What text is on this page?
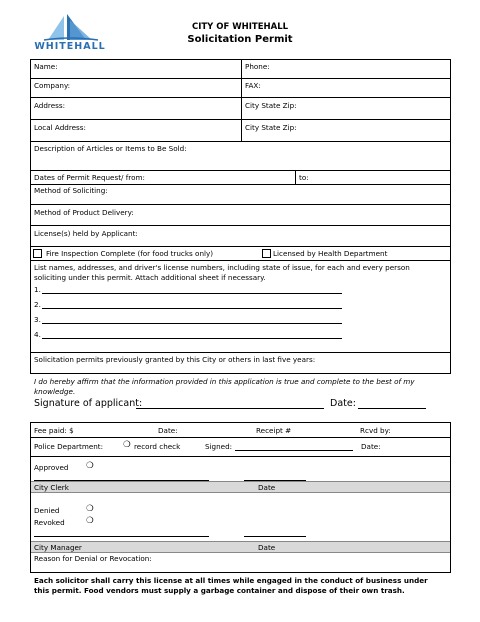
WHITEHALL
CITY OF WHITEHALL
Solicitation Permit
Name:	Phone:
Company:	FAX:
Address:	City State Zip:
Local Address:	City State Zip:
Description of Articles or Items to Be Sold:
Dates of Permit Request/ from:	to:
Method of Soliciting:
Method of Product Delivery:
License(s) held by Applicant:
Fire Inspection Complete (for food trucks only)	Licensed by Health Department
List names, addresses, and driver's license numbers, including state of issue, for each and every person soliciting under this permit. Attach additional sheet if necessary.
1.
2.
3.
4.
Solicitation permits previously granted by this City or others in last five years:
I do hereby affirm that the information provided in this application is true and complete to the best of my knowledge.
Signature of applicant:	Date:
Fee paid: $	Date:	Receipt #	Rcvd by:
Police Department: ❍ record check	Signed:	Date:
Approved ❍
City Clerk	Date
Denied	❍
Revoked	❍
City Manager	Date
Reason for Denial or Revocation:
Each solicitor shall carry this license at all times while engaged in the conduct of business under this permit. Food vendors must supply a garbage container and dispose of their own trash.
